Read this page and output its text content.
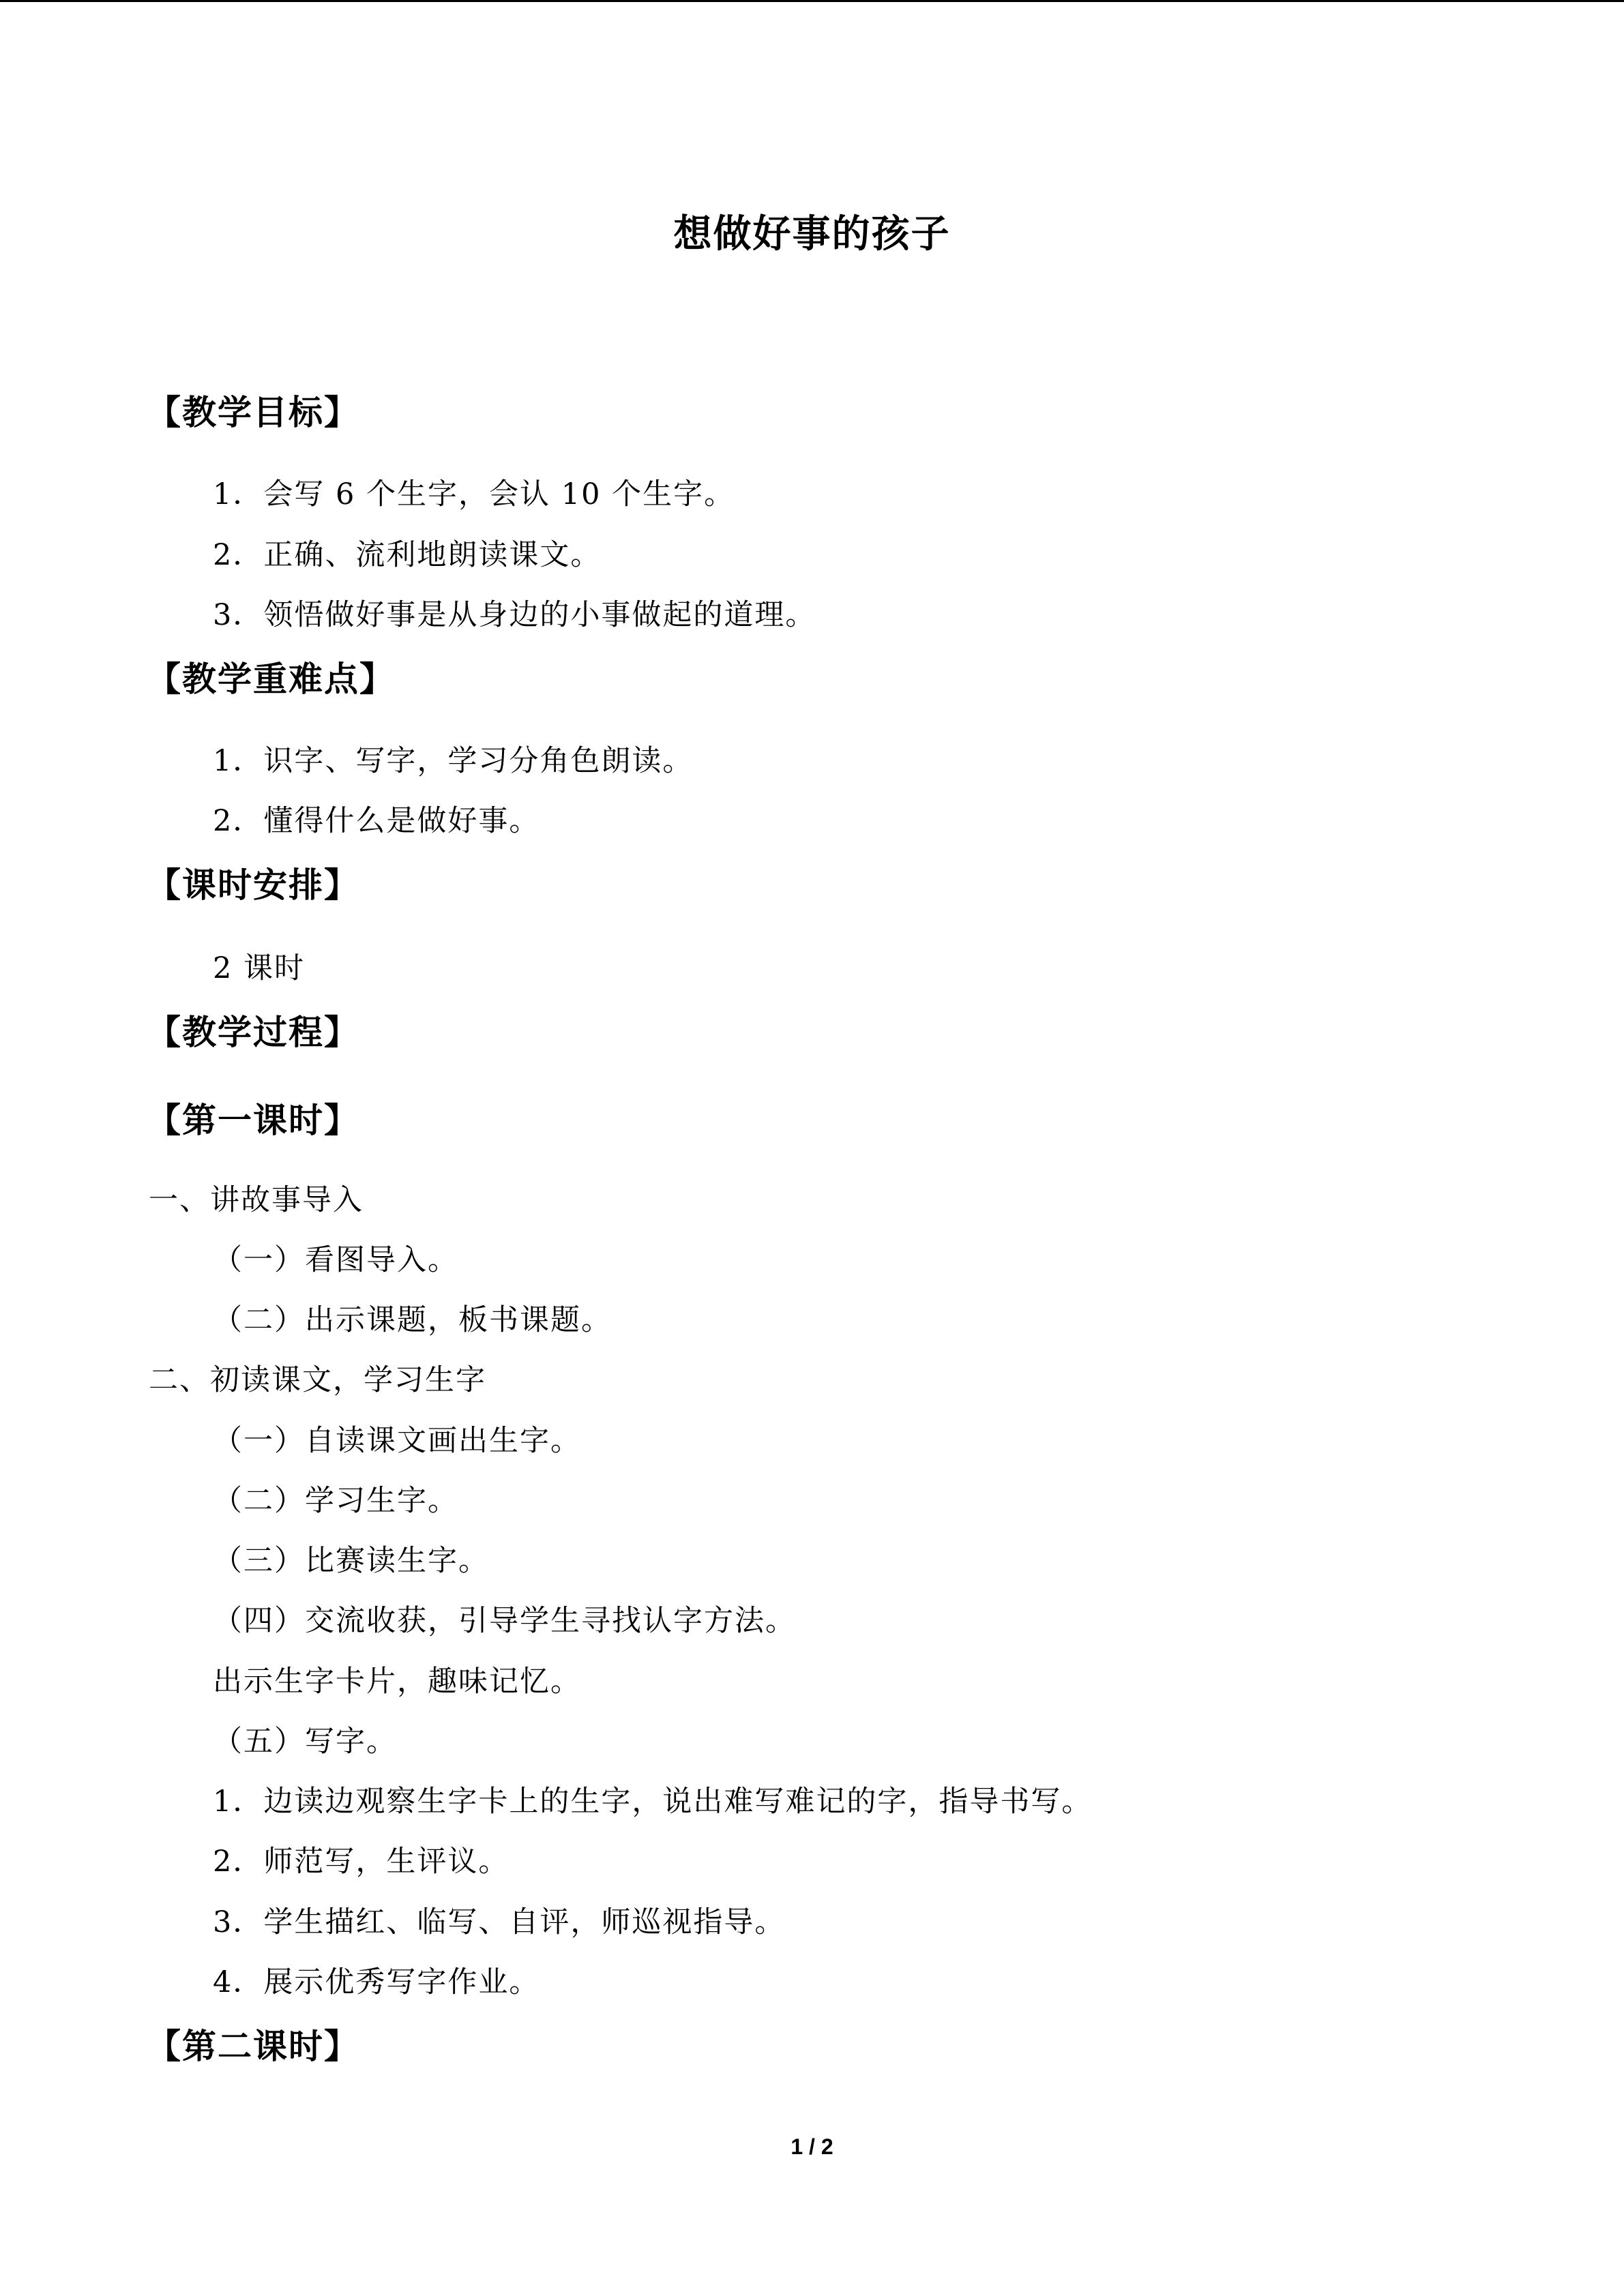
想做好事的孩子
【教学目标】
1．会写 6 个生字，会认 10 个生字。
2．正确、流利地朗读课文。
3．领悟做好事是从身边的小事做起的道理。
【教学重难点】
1．识字、写字，学习分角色朗读。
2．懂得什么是做好事。
【课时安排】
2 课时
【教学过程】
【第一课时】
一、讲故事导入
（一）看图导入。
（二）出示课题，板书课题。
二、初读课文，学习生字
（一）自读课文画出生字。
（二）学习生字。
（三）比赛读生字。
（四）交流收获，引导学生寻找认字方法。
出示生字卡片，趣味记忆。
（五）写字。
1．边读边观察生字卡上的生字，说出难写难记的字，指导书写。
2．师范写，生评议。
3．学生描红、临写、自评，师巡视指导。
4．展示优秀写字作业。
【第二课时】
1 / 2
